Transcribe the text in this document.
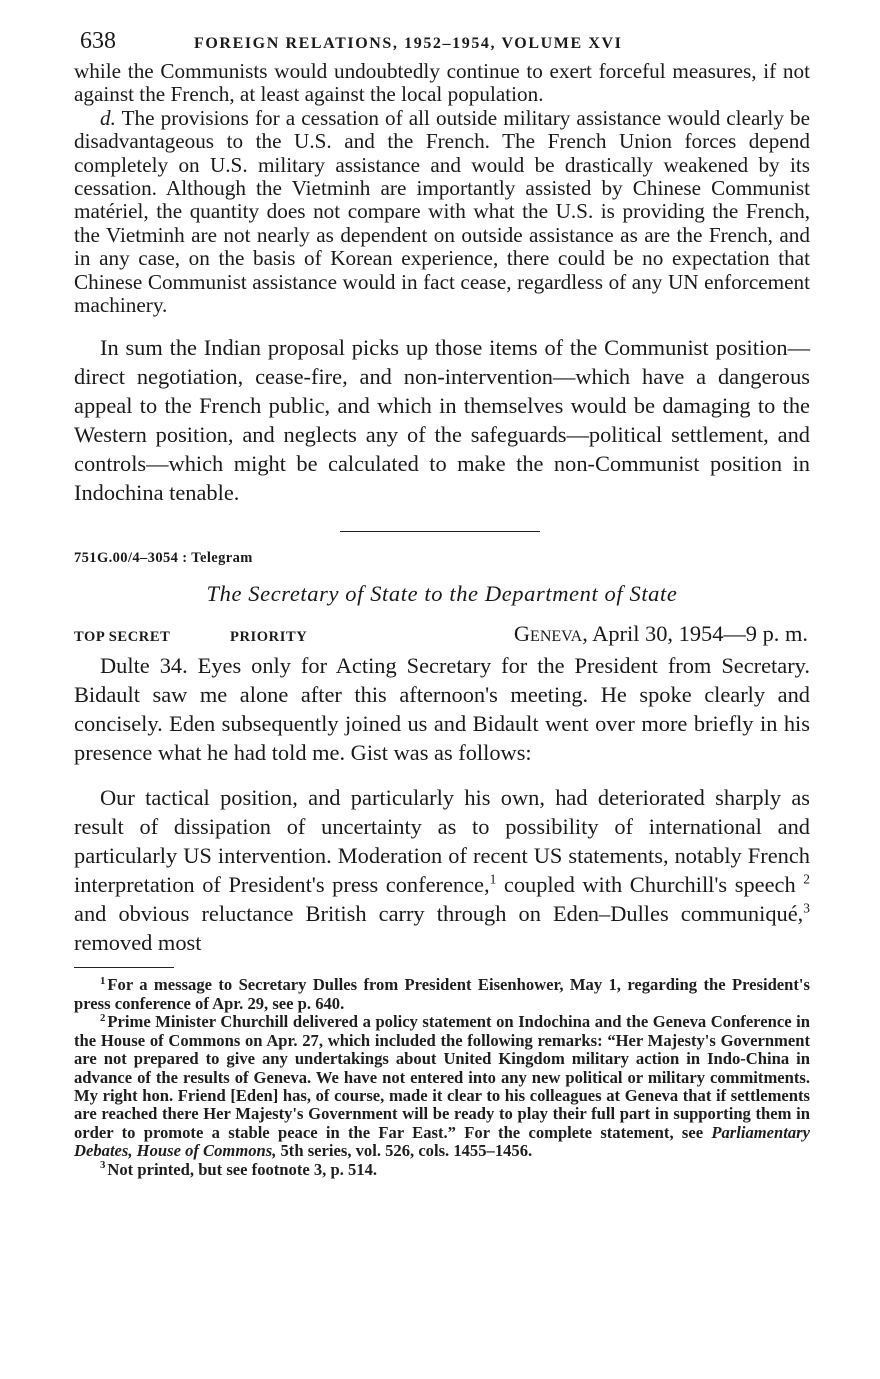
638	FOREIGN RELATIONS, 1952–1954, VOLUME XVI

while the Communists would undoubtedly continue to exert forceful measures, if not against the French, at least against the local population.

d. The provisions for a cessation of all outside military assistance would clearly be disadvantageous to the U.S. and the French. The French Union forces depend completely on U.S. military assistance and would be drastically weakened by its cessation. Although the Vietminh are importantly assisted by Chinese Communist matériel, the quantity does not compare with what the U.S. is providing the French, the Vietminh are not nearly as dependent on outside assistance as are the French, and in any case, on the basis of Korean experience, there could be no expectation that Chinese Communist assistance would in fact cease, regardless of any UN enforcement machinery.

In sum the Indian proposal picks up those items of the Communist position—direct negotiation, cease-fire, and non-intervention—which have a dangerous appeal to the French public, and which in themselves would be damaging to the Western position, and neglects any of the safeguards—political settlement, and controls—which might be calculated to make the non-Communist position in Indochina tenable.

751G.00/4–3054 : Telegram
The Secretary of State to the Department of State
TOP SECRET	PRIORITY	Geneva, April 30, 1954—9 p. m.

Dulte 34. Eyes only for Acting Secretary for the President from Secretary. Bidault saw me alone after this afternoon's meeting. He spoke clearly and concisely. Eden subsequently joined us and Bidault went over more briefly in his presence what he had told me. Gist was as follows:

Our tactical position, and particularly his own, had deteriorated sharply as result of dissipation of uncertainty as to possibility of international and particularly US intervention. Moderation of recent US statements, notably French interpretation of President's press conference,$^1$ coupled with Churchill's speech $^2$ and obvious reluctance British carry through on Eden–Dulles communiqué,$^3$ removed most

$^1$ For a message to Secretary Dulles from President Eisenhower, May 1, regarding the President's press conference of Apr. 29, see p. 640.

$^2$ Prime Minister Churchill delivered a policy statement on Indochina and the Geneva Conference in the House of Commons on Apr. 27, which included the following remarks: “Her Majesty's Government are not prepared to give any undertakings about United Kingdom military action in Indo-China in advance of the results of Geneva. We have not entered into any new political or military commitments. My right hon. Friend [Eden] has, of course, made it clear to his colleagues at Geneva that if settlements are reached there Her Majesty's Government will be ready to play their full part in supporting them in order to promote a stable peace in the Far East.” For the complete statement, see Parliamentary Debates, House of Commons, 5th series, vol. 526, cols. 1455–1456.

$^3$ Not printed, but see footnote 3, p. 514.
